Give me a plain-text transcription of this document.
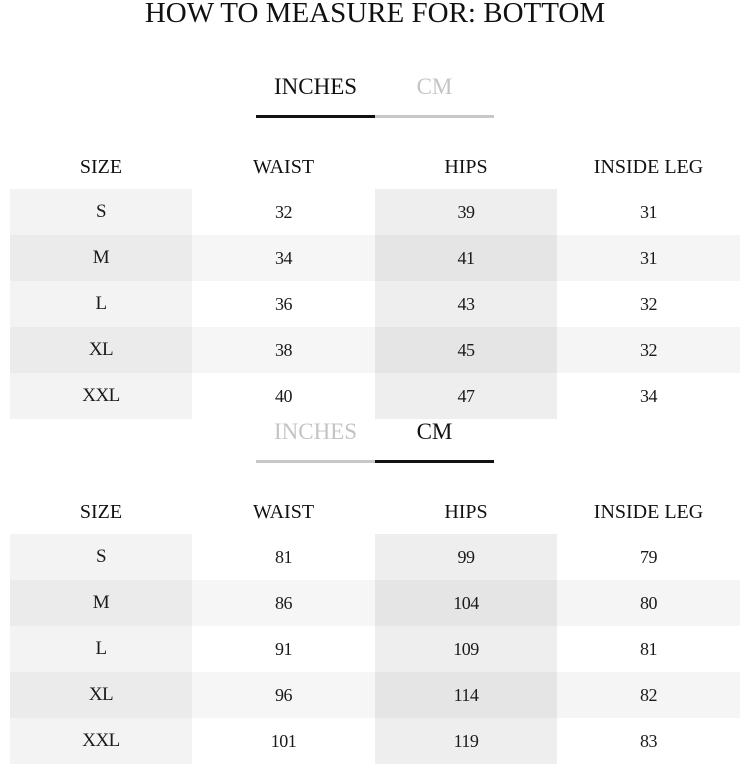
HOW TO MEASURE FOR: BOTTOM
INCHES	CM
SIZE	WAIST	HIPS	INSIDE LEG
S	32	39	31
M	34	41	31
L	36	43	32
XL	38	45	32
XXL	40	47	34
INCHES	CM
SIZE	WAIST	HIPS	INSIDE LEG
S	81	99	79
M	86	104	80
L	91	109	81
XL	96	114	82
XXL	101	119	83
